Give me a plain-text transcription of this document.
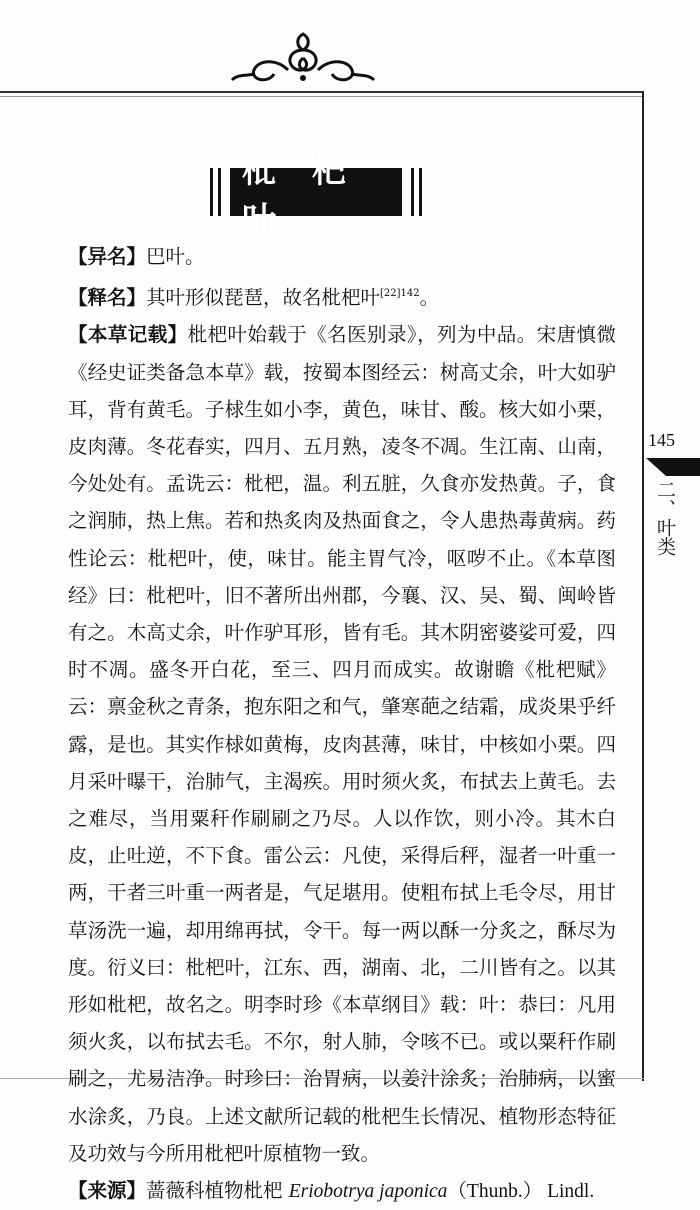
枇 杷 叶

【异名】巴叶。

【释名】其叶形似琵琶，故名枇杷叶$^{[22]142}$。

【本草记载】枇杷叶始载于《名医别录》，列为中品。宋唐慎微《经史证类备急本草》载，按蜀本图经云：树高丈余，叶大如驴耳，背有黄毛。子梂生如小李，黄色，味甘、酸。核大如小栗，皮肉薄。冬花春实，四月、五月熟，凌冬不凋。生江南、山南，今处处有。孟诜云：枇杷，温。利五脏，久食亦发热黄。子，食之润肺，热上焦。若和热炙肉及热面食之，令人患热毒黄病。药性论云：枇杷叶，使，味甘。能主胃气冷，呕哕不止。《本草图经》曰：枇杷叶，旧不著所出州郡，今襄、汉、吴、蜀、闽岭皆有之。木高丈余，叶作驴耳形，皆有毛。其木阴密婆娑可爱，四时不凋。盛冬开白花，至三、四月而成实。故谢瞻《枇杷赋》云：禀金秋之青条，抱东阳之和气，肇寒葩之结霜，成炎果乎纤露，是也。其实作梂如黄梅，皮肉甚薄，味甘，中核如小栗。四月采叶曝干，治肺气，主渴疾。用时须火炙，布拭去上黄毛。去之难尽，当用粟秆作刷刷之乃尽。人以作饮，则小冷。其木白皮，止吐逆，不下食。雷公云：凡使，采得后秤，湿者一叶重一两，干者三叶重一两者是，气足堪用。使粗布拭上毛令尽，用甘草汤洗一遍，却用绵再拭，令干。每一两以酥一分炙之，酥尽为度。衍义曰：枇杷叶，江东、西，湖南、北，二川皆有之。以其形如枇杷，故名之。明李时珍《本草纲目》载：叶：恭曰：凡用须火炙，以布拭去毛。不尔，射人肺，令咳不已。或以粟秆作刷刷之，尤易洁净。时珍曰：治胃病，以姜汁涂炙；治肺病，以蜜水涂炙，乃良。上述文献所记载的枇杷生长情况、植物形态特征及功效与今所用枇杷叶原植物一致。

【来源】蔷薇科植物枇杷 Eriobotrya japonica（Thunb.） Lindl.

145
二、叶类
